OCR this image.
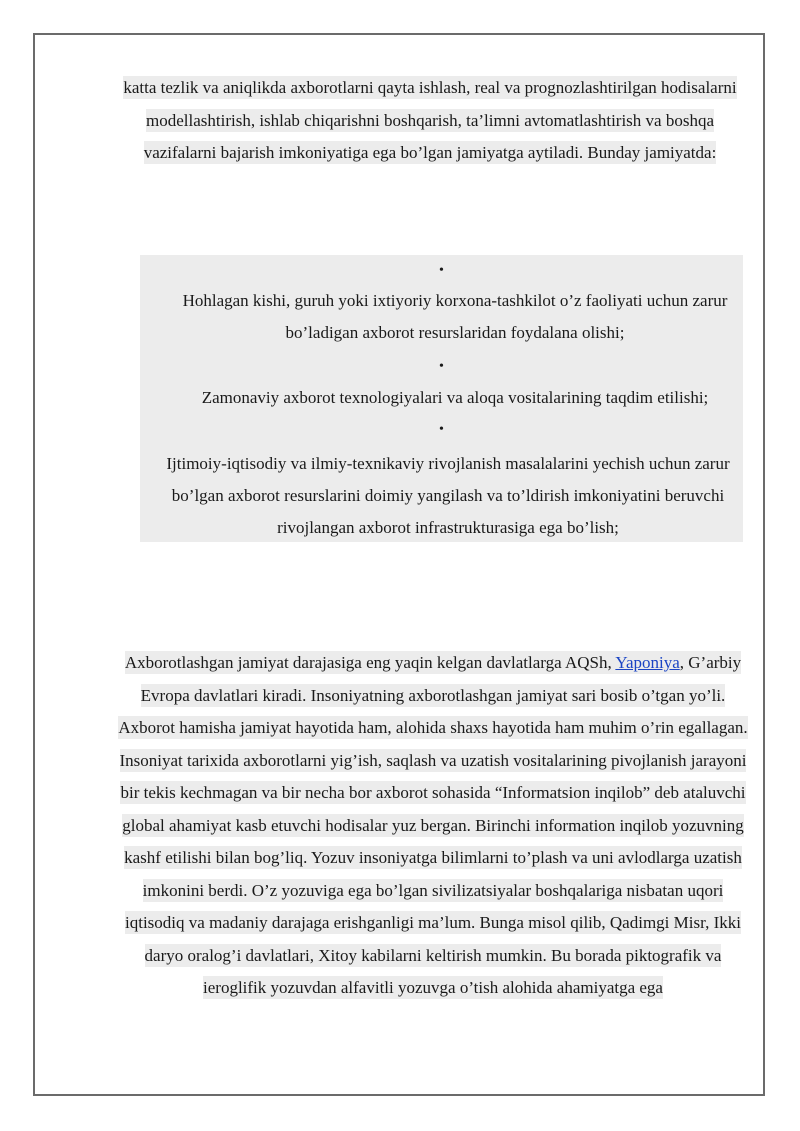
katta tezlik va aniqlikda axborotlarni qayta ishlash, real va prognozlashtirilgan hodisalarni modellashtirish, ishlab chiqarishni boshqarish, ta’limni avtomatlashtirish va boshqa vazifalarni bajarish imkoniyatiga ega bo’lgan jamiyatga aytiladi. Bunday jamiyatda:
•
Hohlagan kishi, guruh yoki ixtiyoriy korxona-tashkilot o’z faoliyati uchun zarur bo’ladigan axborot resurslaridan foydalana olishi;
•
Zamonaviy axborot texnologiyalari va aloqa vositalarining taqdim etilishi;
•
Ijtimoiy-iqtisodiy va ilmiy-texnikaviy rivojlanish masalalarini yechish uchun zarur bo’lgan axborot resurslarini doimiy yangilash va to’ldirish imkoniyatini beruvchi rivojlangan axborot infrastrukturasiga ega bo’lish;
Axborotlashgan jamiyat darajasiga eng yaqin kelgan davlatlarga AQSh, Yaponiya, G’arbiy Evropa davlatlari kiradi. Insoniyatning axborotlashgan jamiyat sari bosib o’tgan yo’li. Axborot hamisha jamiyat hayotida ham, alohida shaxs hayotida ham muhim o’rin egallagan. Insoniyat tarixida axborotlarni yig’ish, saqlash va uzatish vositalarining pivojlanish jarayoni bir tekis kechmagan va bir necha bor axborot sohasida “Informatsion inqilob” deb ataluvchi global ahamiyat kasb etuvchi hodisalar yuz bergan. Birinchi information inqilob yozuvning kashf etilishi bilan bog’liq. Yozuv insoniyatga bilimlarni to’plash va uni avlodlarga uzatish imkonini berdi. O’z yozuviga ega bo’lgan sivilizatsiyalar boshqalariga nisbatan uqori iqtisodiq va madaniy darajaga erishganligi ma’lum. Bunga misol qilib, Qadimgi Misr, Ikki daryo oralog’i davlatlari, Xitoy kabilarni keltirish mumkin. Bu borada piktografik va ieroglifik yozuvdan alfavitli yozuvga o’tish alohida ahamiyatga ega
